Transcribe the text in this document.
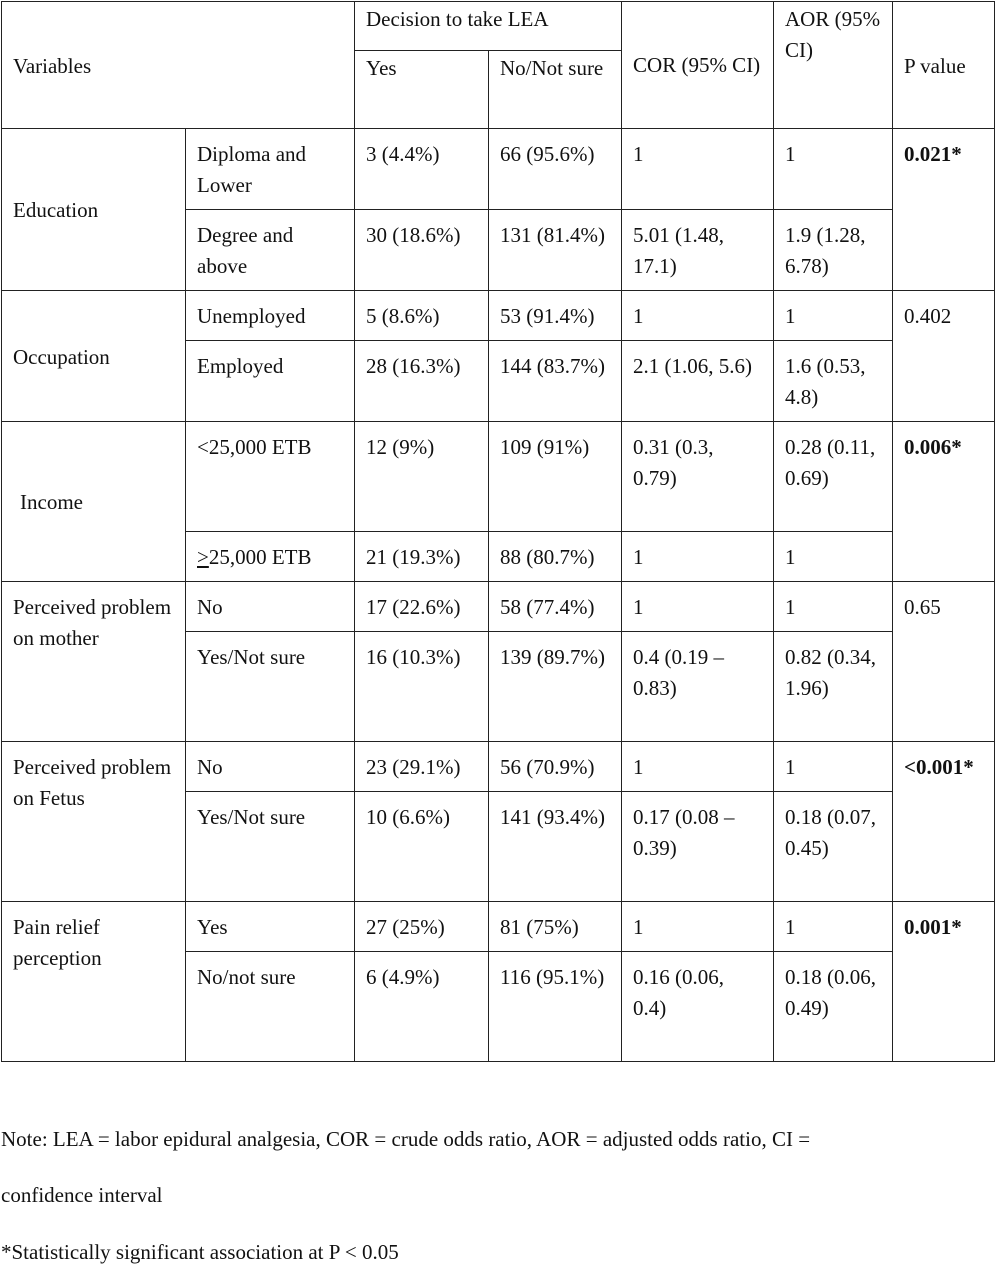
Variables		Decision to take LEA		COR (95% CI)	AOR (95% CI)	P value
		Yes	No/Not sure			
Education	Diploma and Lower	3 (4.4%)	66 (95.6%)	1	1	0.021*
	Degree and above	30 (18.6%)	131 (81.4%)	5.01 (1.48, 17.1)	1.9 (1.28, 6.78)	
Occupation	Unemployed	5 (8.6%)	53 (91.4%)	1	1	0.402
	Employed	28 (16.3%)	144 (83.7%)	2.1 (1.06, 5.6)	1.6 (0.53, 4.8)	
Income	<25,000 ETB	12 (9%)	109 (91%)	0.31 (0.3, 0.79)	0.28 (0.11, 0.69)	0.006*
	≥25,000 ETB	21 (19.3%)	88 (80.7%)	1	1	
Perceived problem on mother	No	17 (22.6%)	58 (77.4%)	1	1	0.65
	Yes/Not sure	16 (10.3%)	139 (89.7%)	0.4 (0.19 – 0.83)	0.82 (0.34, 1.96)	
Perceived problem on Fetus	No	23 (29.1%)	56 (70.9%)	1	1	<0.001*
	Yes/Not sure	10 (6.6%)	141 (93.4%)	0.17 (0.08 – 0.39)	0.18 (0.07, 0.45)	
Pain relief perception	Yes	27 (25%)	81 (75%)	1	1	0.001*
	No/not sure	6 (4.9%)	116 (95.1%)	0.16 (0.06, 0.4)	0.18 (0.06, 0.49)	
Note: LEA = labor epidural analgesia, COR = crude odds ratio, AOR = adjusted odds ratio, CI =
confidence interval
*Statistically significant association at P < 0.05
